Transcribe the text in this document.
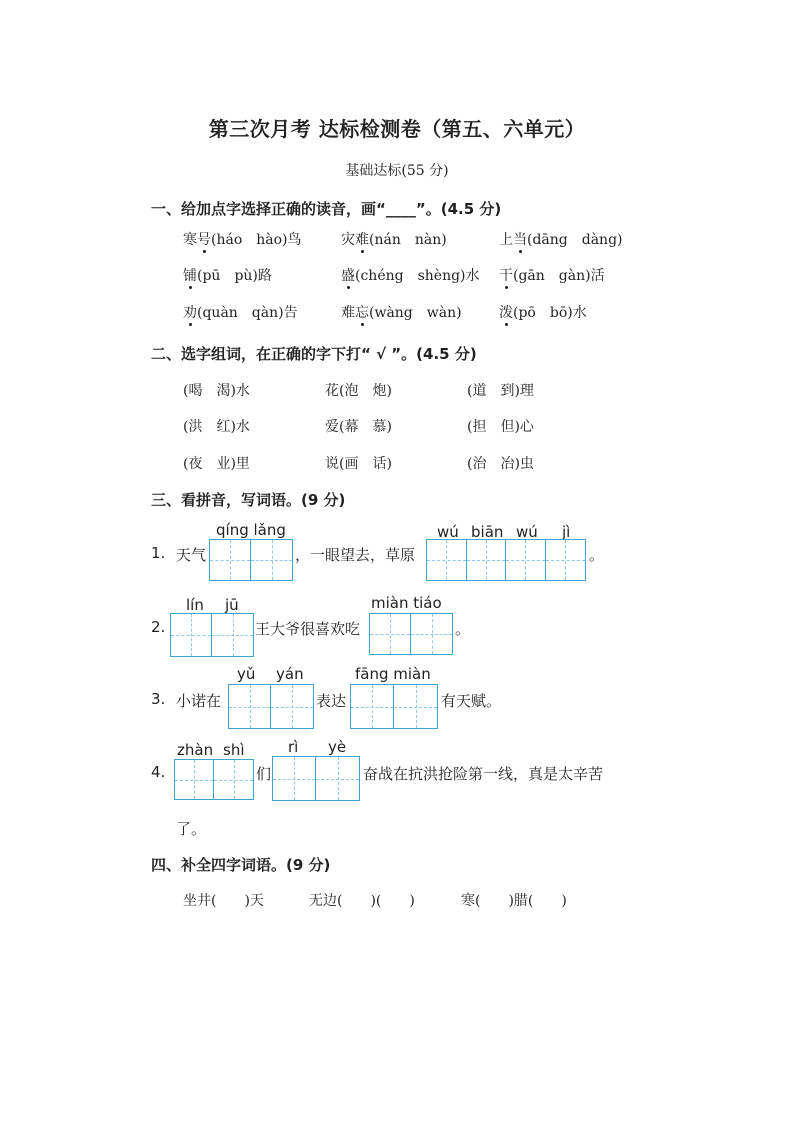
第三次月考 达标检测卷（第五、六单元）
基础达标(55 分)
一、给加点字选择正确的读音，画“____”。(4.5 分)
寒号(háo　hào)鸟	灾难(nán　nàn)	上当(dāng　dàng)
铺(pū　pù)路	盛(chéng　shèng)水 干(gān　gàn)活
劝(quàn　qàn)告	难忘(wàng　wàn)	泼(pō　bō)水
二、选字组词，在正确的字下打“ √ ”。(4.5 分)
(喝　渴)水	花(泡　炮)	(道　到)理
(洪　红)水	爱(幕　慕)	(担　但)心
(夜　业)里	说(画　话)	(治　冶)虫
三、看拼音，写词语。(9 分)
qíng lǎng	wú biān wú jì
1. 天气	，一眼望去，草原	。
lín jū	miàn tiáo
2.	王大爷很喜欢吃	。
yǔ yán	fāng miàn
3. 小诺在	表达	有天赋。
zhàn shì	rì yè
4.	们	奋战在抗洪抢险第一线，真是太辛苦
了。
四、补全四字词语。(9 分)
坐井(　　)天	无边(　　)(　　)	寒(　　)腊(　　)
